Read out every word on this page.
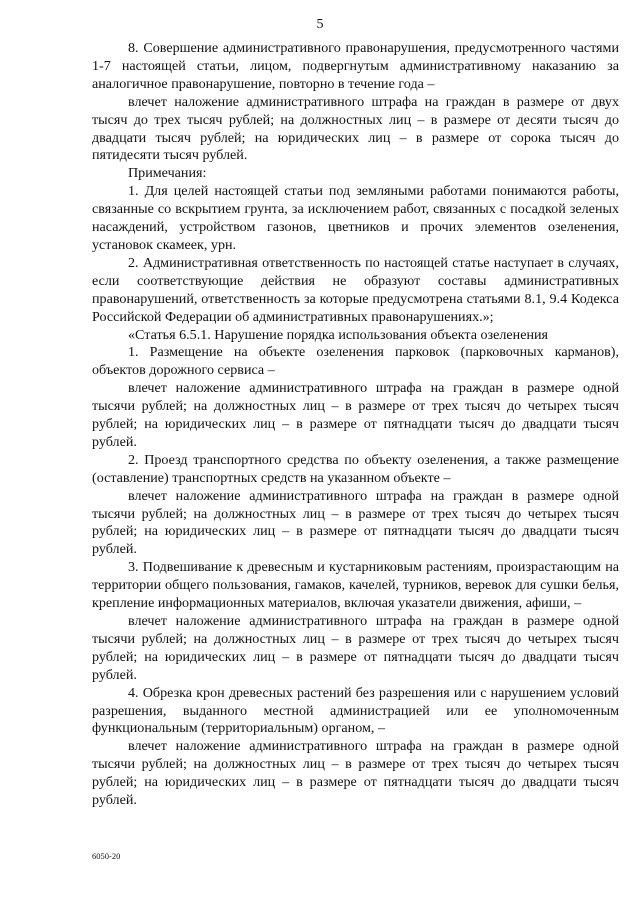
5

8. Совершение административного правонарушения, предусмотренного частями 1-7 настоящей статьи, лицом, подвергнутым административному наказанию за аналогичное правонарушение, повторно в течение года –

влечет наложение административного штрафа на граждан в размере от двух тысяч до трех тысяч рублей; на должностных лиц – в размере от десяти тысяч до двадцати тысяч рублей; на юридических лиц – в размере от сорока тысяч до пятидесяти тысяч рублей.

Примечания:

1. Для целей настоящей статьи под земляными работами понимаются работы, связанные со вскрытием грунта, за исключением работ, связанных с посадкой зеленых насаждений, устройством газонов, цветников и прочих элементов озеленения, установок скамеек, урн.

2. Административная ответственность по настоящей статье наступает в случаях, если соответствующие действия не образуют составы административных правонарушений, ответственность за которые предусмотрена статьями 8.1, 9.4 Кодекса Российской Федерации об административных правонарушениях.»;

«Статья 6.5.1. Нарушение порядка использования объекта озеленения

1. Размещение на объекте озеленения парковок (парковочных карманов), объектов дорожного сервиса –

влечет наложение административного штрафа на граждан в размере одной тысячи рублей; на должностных лиц – в размере от трех тысяч до четырех тысяч рублей; на юридических лиц – в размере от пятнадцати тысяч до двадцати тысяч рублей.

2. Проезд транспортного средства по объекту озеленения, а также размещение (оставление) транспортных средств на указанном объекте –

влечет наложение административного штрафа на граждан в размере одной тысячи рублей; на должностных лиц – в размере от трех тысяч до четырех тысяч рублей; на юридических лиц – в размере от пятнадцати тысяч до двадцати тысяч рублей.

3. Подвешивание к древесным и кустарниковым растениям, произрастающим на территории общего пользования, гамаков, качелей, турников, веревок для сушки белья, крепление информационных материалов, включая указатели движения, афиши, –

влечет наложение административного штрафа на граждан в размере одной тысячи рублей; на должностных лиц – в размере от трех тысяч до четырех тысяч рублей; на юридических лиц – в размере от пятнадцати тысяч до двадцати тысяч рублей.

4. Обрезка крон древесных растений без разрешения или с нарушением условий разрешения, выданного местной администрацией или ее уполномоченным функциональным (территориальным) органом, –

влечет наложение административного штрафа на граждан в размере одной тысячи рублей; на должностных лиц – в размере от трех тысяч до четырех тысяч рублей; на юридических лиц – в размере от пятнадцати тысяч до двадцати тысяч рублей.

6050-20
